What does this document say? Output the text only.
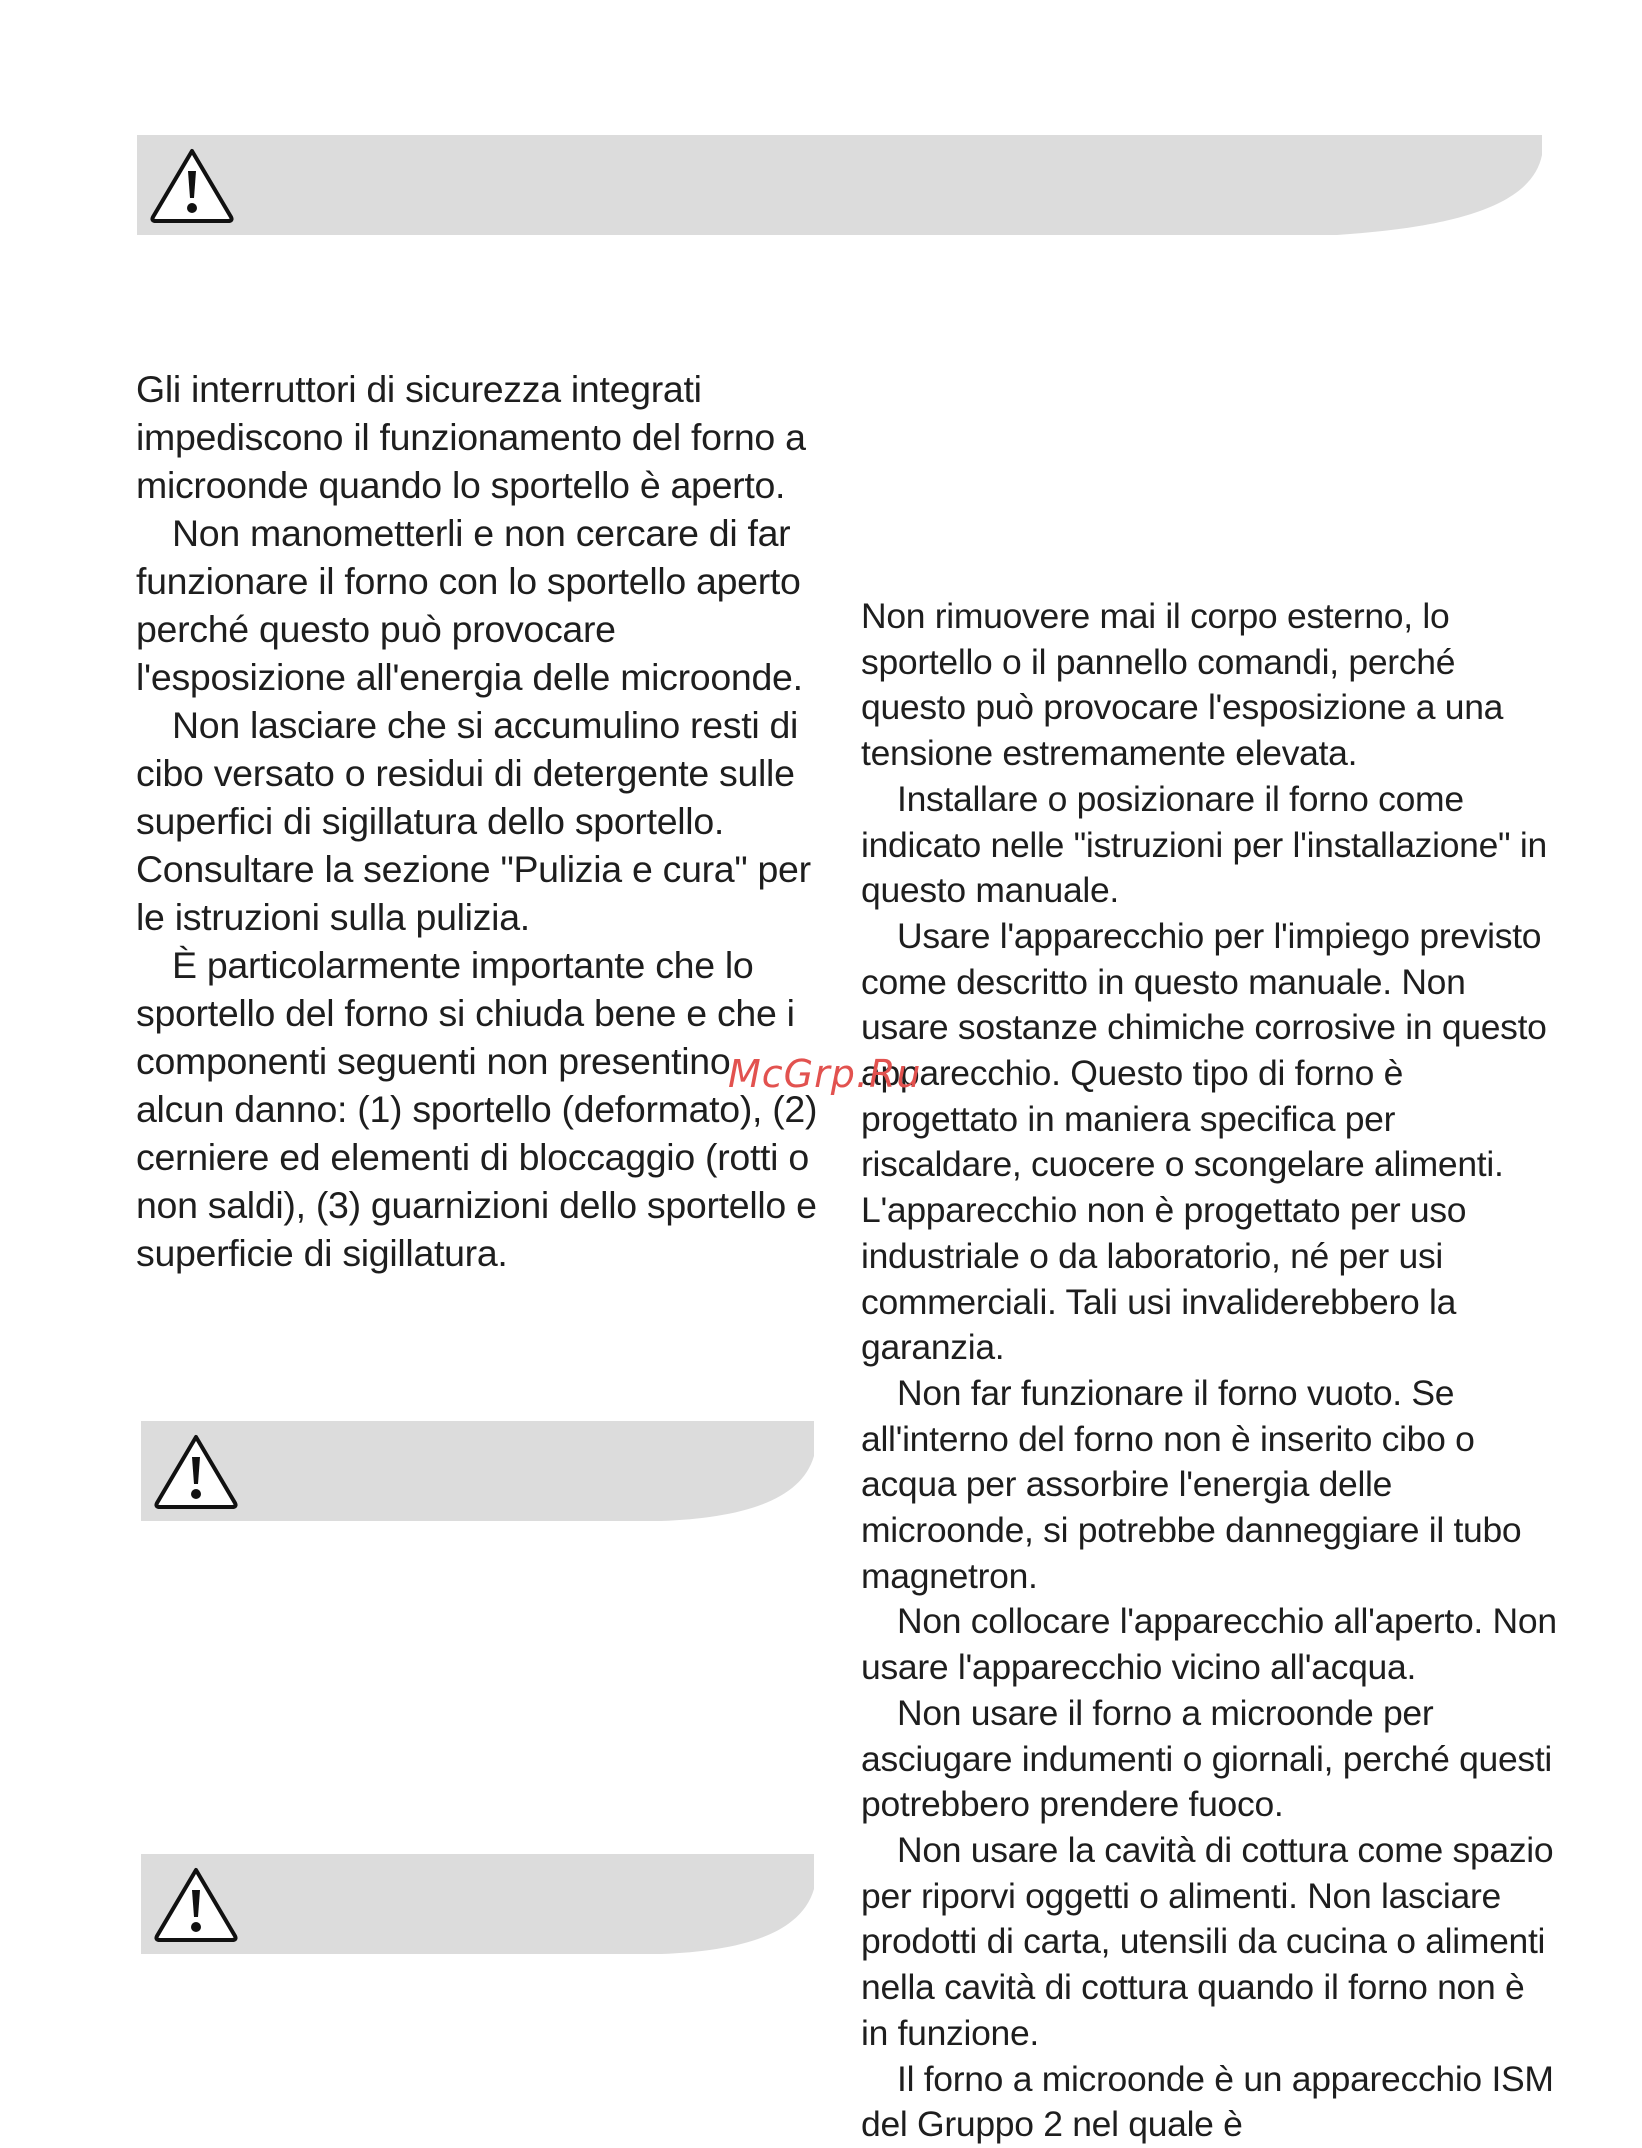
Gli interruttori di sicurezza integrati impediscono il funzionamento del forno a microonde quando lo sportello è aperto.

Non manometterli e non cercare di far funzionare il forno con lo sportello aperto perché questo può provocare l'esposizione all'energia delle microonde.

Non lasciare che si accumulino resti di cibo versato o residui di detergente sulle superfici di sigillatura dello sportello. Consultare la sezione "Pulizia e cura" per le istruzioni sulla pulizia.

È particolarmente importante che lo sportello del forno si chiuda bene e che i componenti seguenti non presentino alcun danno: (1) sportello (deformato), (2) cerniere ed elementi di bloccaggio (rotti o non saldi), (3) guarnizioni dello sportello e superficie di sigillatura.

Non rimuovere mai il corpo esterno, lo sportello o il pannello comandi, perché questo può provocare l'esposizione a una tensione estremamente elevata.

Installare o posizionare il forno come indicato nelle "istruzioni per l'installazione" in questo manuale.

Usare l'apparecchio per l'impiego previsto come descritto in questo manuale. Non usare sostanze chimiche corrosive in questo apparecchio. Questo tipo di forno è progettato in maniera specifica per riscaldare, cuocere o scongelare alimenti. L'apparecchio non è progettato per uso industriale o da laboratorio, né per usi commerciali. Tali usi invaliderebbero la garanzia.

Non far funzionare il forno vuoto. Se all'interno del forno non è inserito cibo o acqua per assorbire l'energia delle microonde, si potrebbe danneggiare il tubo magnetron.

Non collocare l'apparecchio all'aperto. Non usare l'apparecchio vicino all'acqua.

Non usare il forno a microonde per asciugare indumenti o giornali, perché questi potrebbero prendere fuoco.

Non usare la cavità di cottura come spazio per riporvi oggetti o alimenti. Non lasciare prodotti di carta, utensili da cucina o alimenti nella cavità di cottura quando il forno non è in funzione.

Il forno a microonde è un apparecchio ISM del Gruppo 2 nel quale è

McGrp.Ru
